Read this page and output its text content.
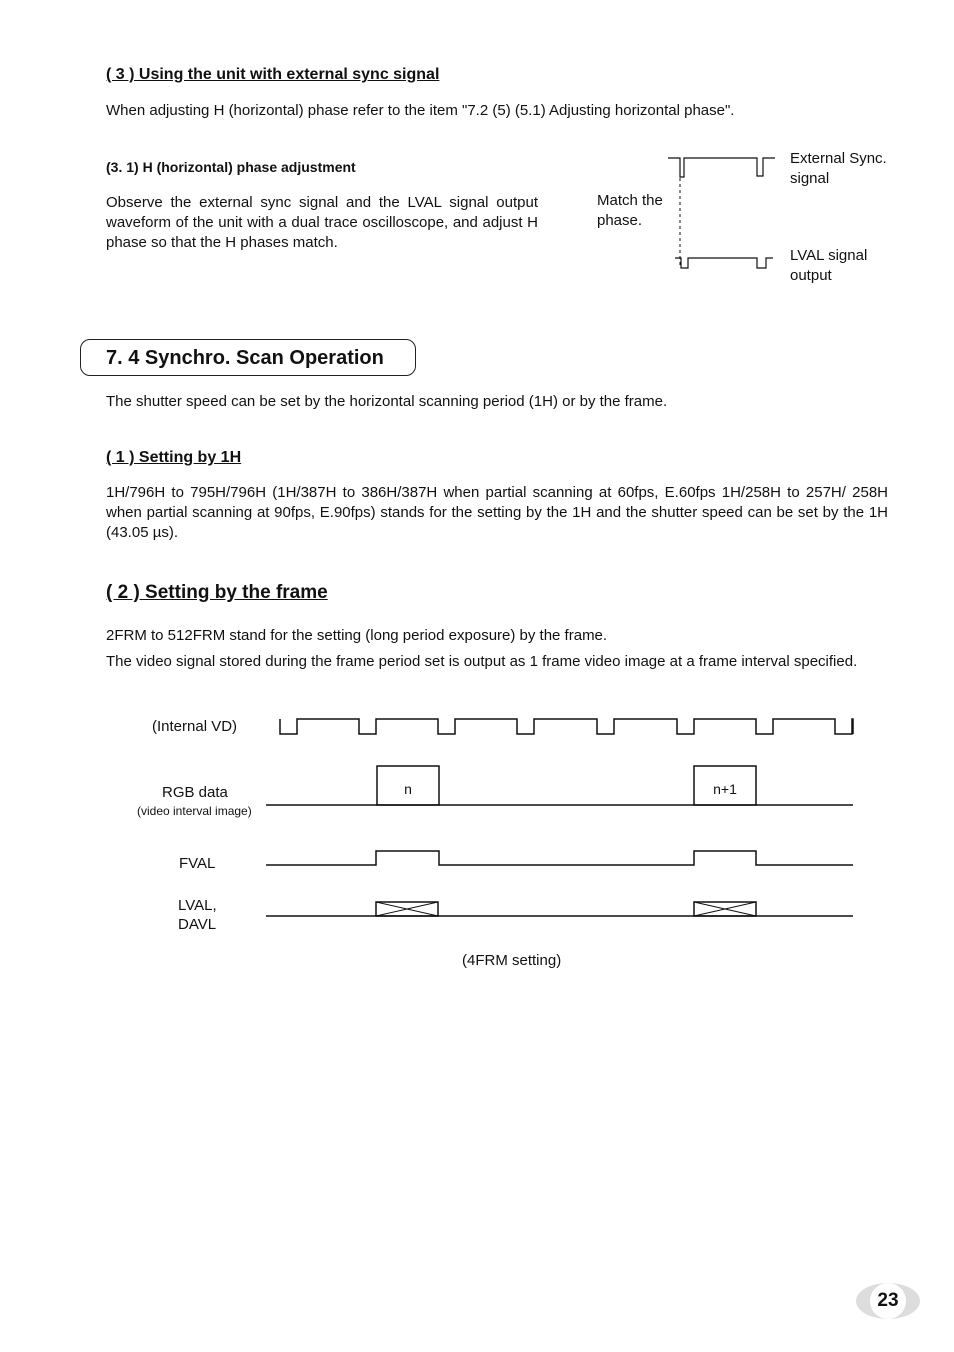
( 3 ) Using the unit with external sync signal
When adjusting H (horizontal) phase refer to the item "7.2 (5) (5.1) Adjusting horizontal phase".
(3. 1) H (horizontal) phase adjustment
Observe the external sync signal and the LVAL signal output waveform of the unit with a dual trace oscilloscope, and adjust H phase so that the H phases match.
Match the phase.
External Sync. signal
LVAL signal output
7. 4 Synchro. Scan Operation
The shutter speed can be set by the horizontal scanning period (1H) or by the frame.
( 1 ) Setting by 1H
1H/796H to 795H/796H (1H/387H to 386H/387H when partial scanning at 60fps, E.60fps 1H/258H to 257H/ 258H when partial scanning at 90fps, E.90fps) stands for the setting by the 1H and the shutter speed can be set by the 1H (43.05 µs).
( 2 ) Setting by the frame
2FRM to 512FRM stand for the setting (long period exposure) by the frame.
The video signal stored during the frame period set is output as 1 frame video image at a frame interval specified.
(Internal VD)
RGB data
(video interval image)
FVAL
LVAL,
DAVL
n	n+1
(4FRM setting)
23
